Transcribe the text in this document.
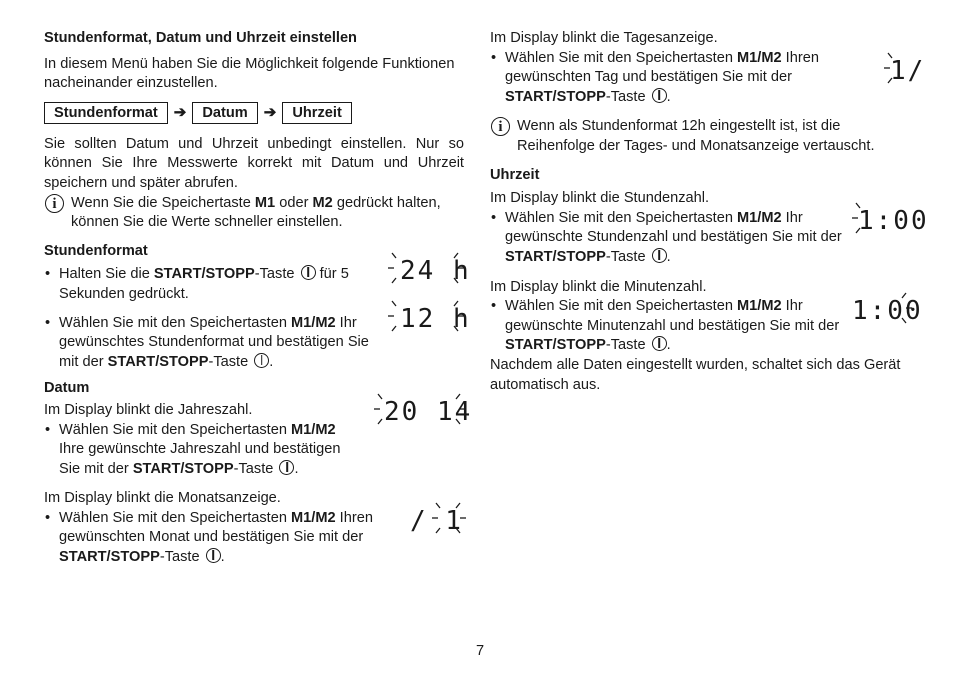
Stundenformat, Datum und Uhrzeit einstellen

In diesem Menü haben Sie die Möglichkeit folgende Funktionen nacheinander einzustellen.

Stundenformat	➔	Datum	➔	Uhrzeit

Sie sollten Datum und Uhrzeit unbedingt einstellen. Nur so können Sie Ihre Messwerte korrekt mit Datum und Uhrzeit speichern und später abrufen.

i Wenn Sie die Speichertaste M1 oder M2 gedrückt halten, können Sie die Werte schneller einstellen.

Stundenformat

• Halten Sie die START/STOPP-Taste  für 5 Sekunden gedrückt.

• Wählen Sie mit den Speichertasten M1/M2 Ihr gewünschtes Stundenformat und bestätigen Sie mit der START/STOPP-Taste .

Datum

Im Display blinkt die Jahreszahl.

• Wählen Sie mit den Speichertasten M1/M2 Ihre gewünschte Jahreszahl und bestätigen Sie mit der START/STOPP-Taste .

Im Display blinkt die Monatsanzeige.

• Wählen Sie mit den Speichertasten M1/M2 Ihren gewünschten Monat und bestätigen Sie mit der START/STOPP-Taste .

24 h
12 h
20 14
/ 1

Im Display blinkt die Tagesanzeige.

• Wählen Sie mit den Speichertasten M1/M2 Ihren gewünschten Tag und bestätigen Sie mit der START/STOPP-Taste .

i Wenn als Stundenformat 12h eingestellt ist, ist die Reihenfolge der Tages- und Monatsanzeige vertauscht.

Uhrzeit

Im Display blinkt die Stundenzahl.

• Wählen Sie mit den Speichertasten M1/M2 Ihr gewünschte Stundenzahl und bestätigen Sie mit der START/STOPP-Taste .

Im Display blinkt die Minutenzahl.

• Wählen Sie mit den Speichertasten M1/M2 Ihr gewünschte Minutenzahl und bestätigen Sie mit der START/STOPP-Taste .

Nachdem alle Daten eingestellt wurden, schaltet sich das Gerät automatisch aus.

1/
1:00
1:00
7
